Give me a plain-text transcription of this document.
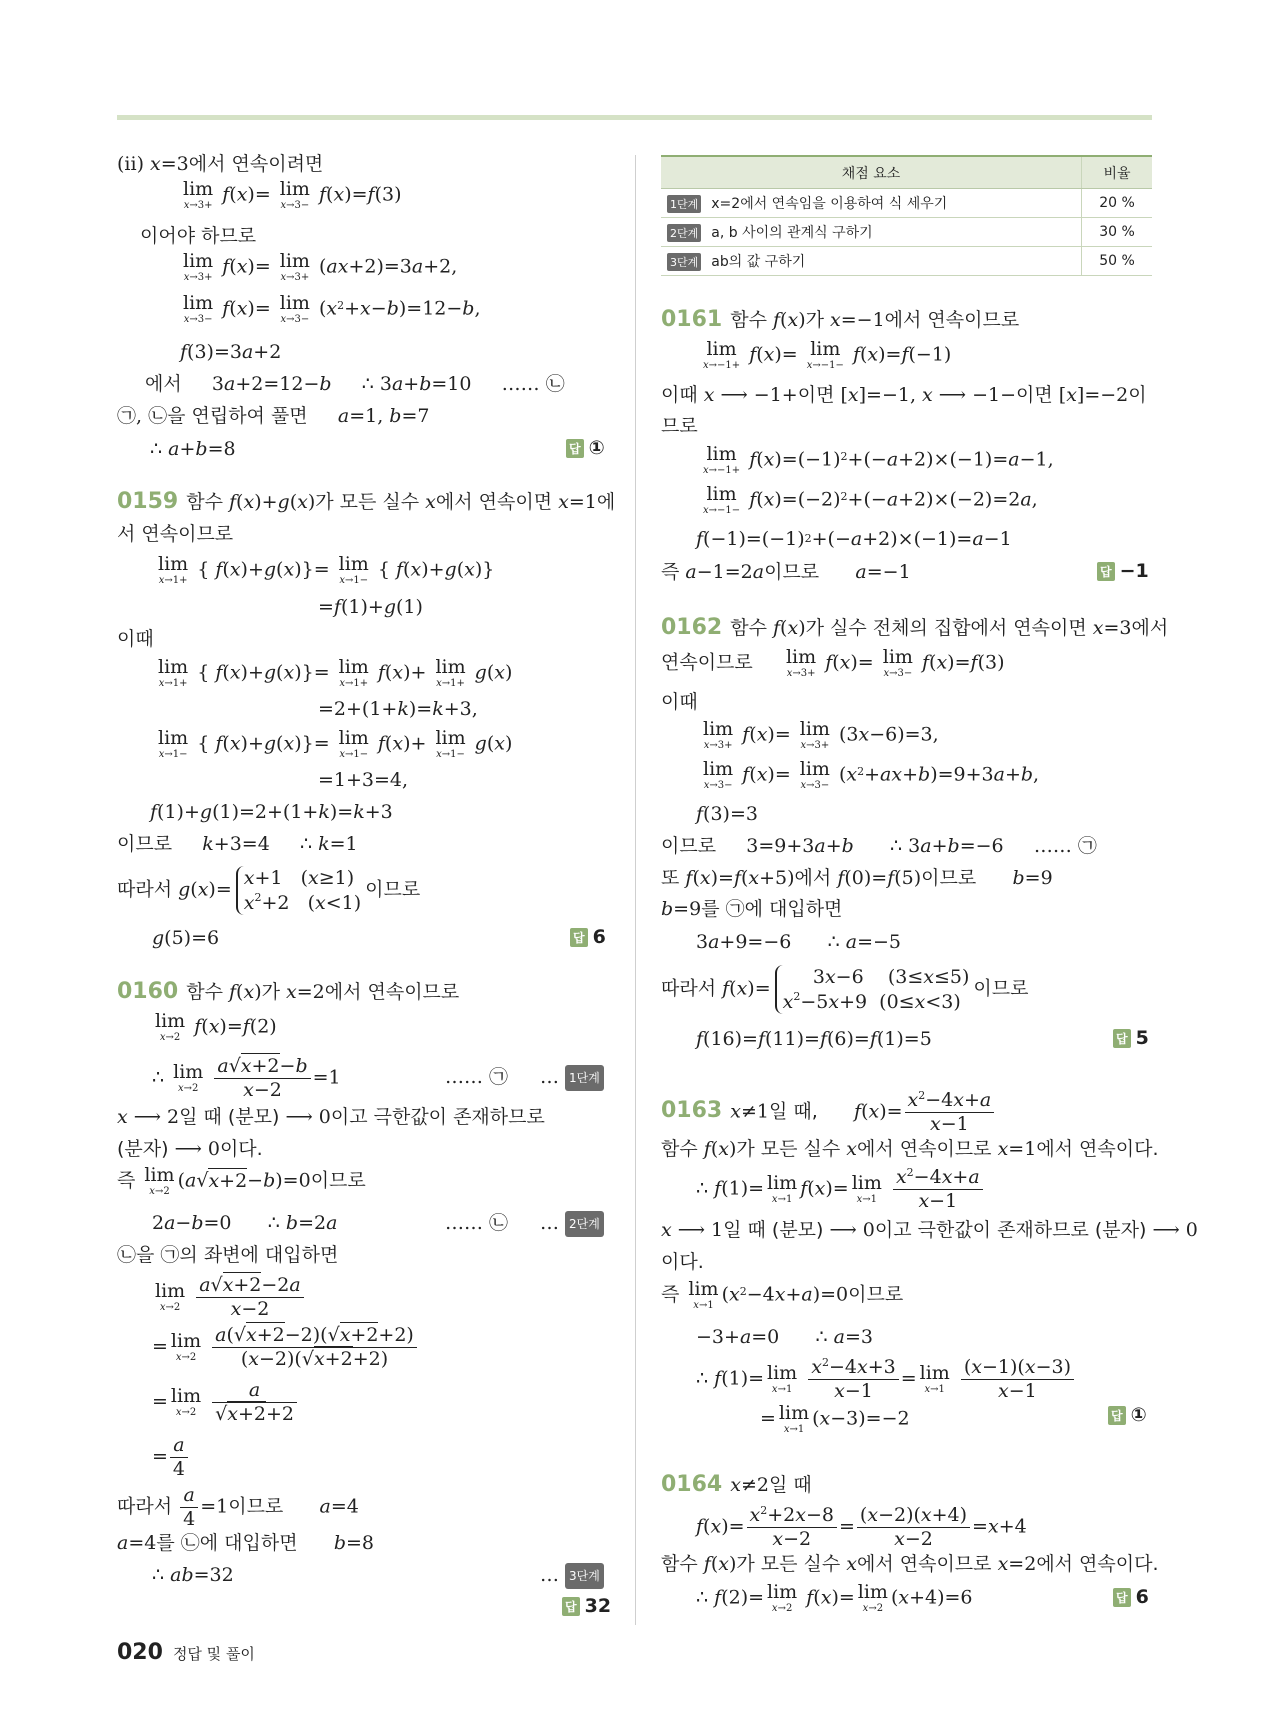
(ii) x=3에서 연속이려면
lim
x→3+ f(x)= lim
x→3− f(x)=f(3)
이어야 하므로
lim
x→3+ f(x)= lim
x→3+ (ax+2)=3a+2,
lim
x→3− f(x)= lim
$x\to 3- (x^2+x-b)=12-b$,
f(3)=3a+2
에서     3a+2=12−b     ∴ 3a+b=10     …… ㉡
㉠, ㉡을 연립하여 풀면 a=1, b=7
∴ a+b=8	답 ①
0159 함수 f(x)+g(x)가 모든 실수 x에서 연속이면 x=1에
서 연속이므로
lim
x→1+ { f(x)+g(x)}= lim
x→1− { f(x)+g(x)}
=f(1)+g(1)
이때
lim
x→1+ { f(x)+g(x)}= lim
x→1+ f(x)+ lim
x→1+ g(x)
=2+(1+k)=k+3,
lim
x→1− { f(x)+g(x)}= lim
x→1− f(x)+ lim
x→1− g(x)
=1+3=4,
f(1)+g(1)=2+(1+k)=k+3
이므로 k+3=4     ∴ k=1
따라서 g(x)=
x+1   (x≥1)
$x^2+2$   (x<1)
이므로
g(5)=6	답 6
0160 함수 f(x)가 x=2에서 연속이므로
lim
x→2 f(x)=f(2)
∴ lim
x→2
$\frac{a√x+2-b}{x-2} =1$	…… ㉠ … 1단계
x ⟶ 2일 때 (분모) ⟶ 0이고 극한값이 존재하므로
(분자) ⟶ 0이다.
즉 lim
x→2 (a√x+2−b)=0이므로
2a−b=0      ∴ b=2a	…… ㉡ … 2단계
㉡을 ㉠의 좌변에 대입하면
lim
x→2
$\frac{a√x+2-2a}{x-2}$
= lim
x→2
$\frac{a(√x+2-2)(√x+2+2)}{(x-2)(√x+2+2)}$
= lim
x→2
$\frac{a}{√x+2+2}$
= $\frac{a}{4}$
따라서 $\frac{a}{4} =1$이므로 a=4
a=4를 ㉡에 대입하면 b=8
∴ ab=32	… 3단계
답 32
채점 요소	비율
1단계 x=2에서 연속임을 이용하여 식 세우기	20 %
2단계 a, b 사이의 관계식 구하기	30 %
3단계 ab의 값 구하기	50 %
0161 함수 f(x)가 x=−1에서 연속이므로
lim
x→−1+ f(x)= lim
x→−1− f(x)=f(−1)
이때 x ⟶ −1+이면 [x]=−1, x ⟶ −1−이면 [x]=−2이
므로
lim
$x\to-1+ f(x)=(-1)^2+(-a+2)\times(-1)=a-1$,
lim
$x\to-1- f(x)=(-2)^2+(-a+2)\times(-2)=2a$,
$f(-1)=(-1)^2+(-a+2)\times(-1)=a-1$
즉 a−1=2a이므로 a=−1	답 −1
0162 함수 f(x)가 실수 전체의 집합에서 연속이면 x=3에서
연속이므로 lim
x→3+ f(x)= lim
x→3− f(x)=f(3)
이때
lim
x→3+ f(x)= lim
x→3+ (3x−6)=3,
lim
x→3− f(x)= lim
$x\to 3- (x^2+ax+b)=9+3a+b$,
f(3)=3
이므로     3=9+3a+b      ∴ 3a+b=−6     …… ㉠
또 f(x)=f(x+5)에서 f(0)=f(5)이므로 b=9
b=9를 ㉠에 대입하면
3a+9=−6      ∴ a=−5
따라서 f(x)=
3x−6    (3≤x≤5)
$x^2-5x+9$  (0≤x<3)
이므로
f(16)=f(11)=f(6)=f(1)=5	답 5
0163 x≠1일 때, $f(x)= \frac{x^2-4x+a}{x-1}$
함수 f(x)가 모든 실수 x에서 연속이므로 x=1에서 연속이다.
∴ f(1)= lim
x→1 f(x)= lim
x→1
$\frac{x^2-4x+a}{x-1}$
x ⟶ 1일 때 (분모) ⟶ 0이고 극한값이 존재하므로 (분자) ⟶ 0
이다.
즉 lim
x→1 $(x^2-4x+a)=0$이므로
−3+a=0      ∴ a=3
∴ f(1)= lim
x→1
$\frac{x^2-4x+3}{x-1} = \lim$
x→1
$\frac{(x-1)(x-3)}{x-1}$
= lim
x→1 (x−3)=−2	답 ①
0164 x≠2일 때
$f(x)= \frac{x^2+2x-8}{x-2} = \frac{(x-2)(x+4)}{x-2} =x+4$
함수 f(x)가 모든 실수 x에서 연속이므로 x=2에서 연속이다.
∴ f(2)= lim
x→2 f(x)= lim
x→2 (x+4)=6	답 6
020 정답 및 풀이
